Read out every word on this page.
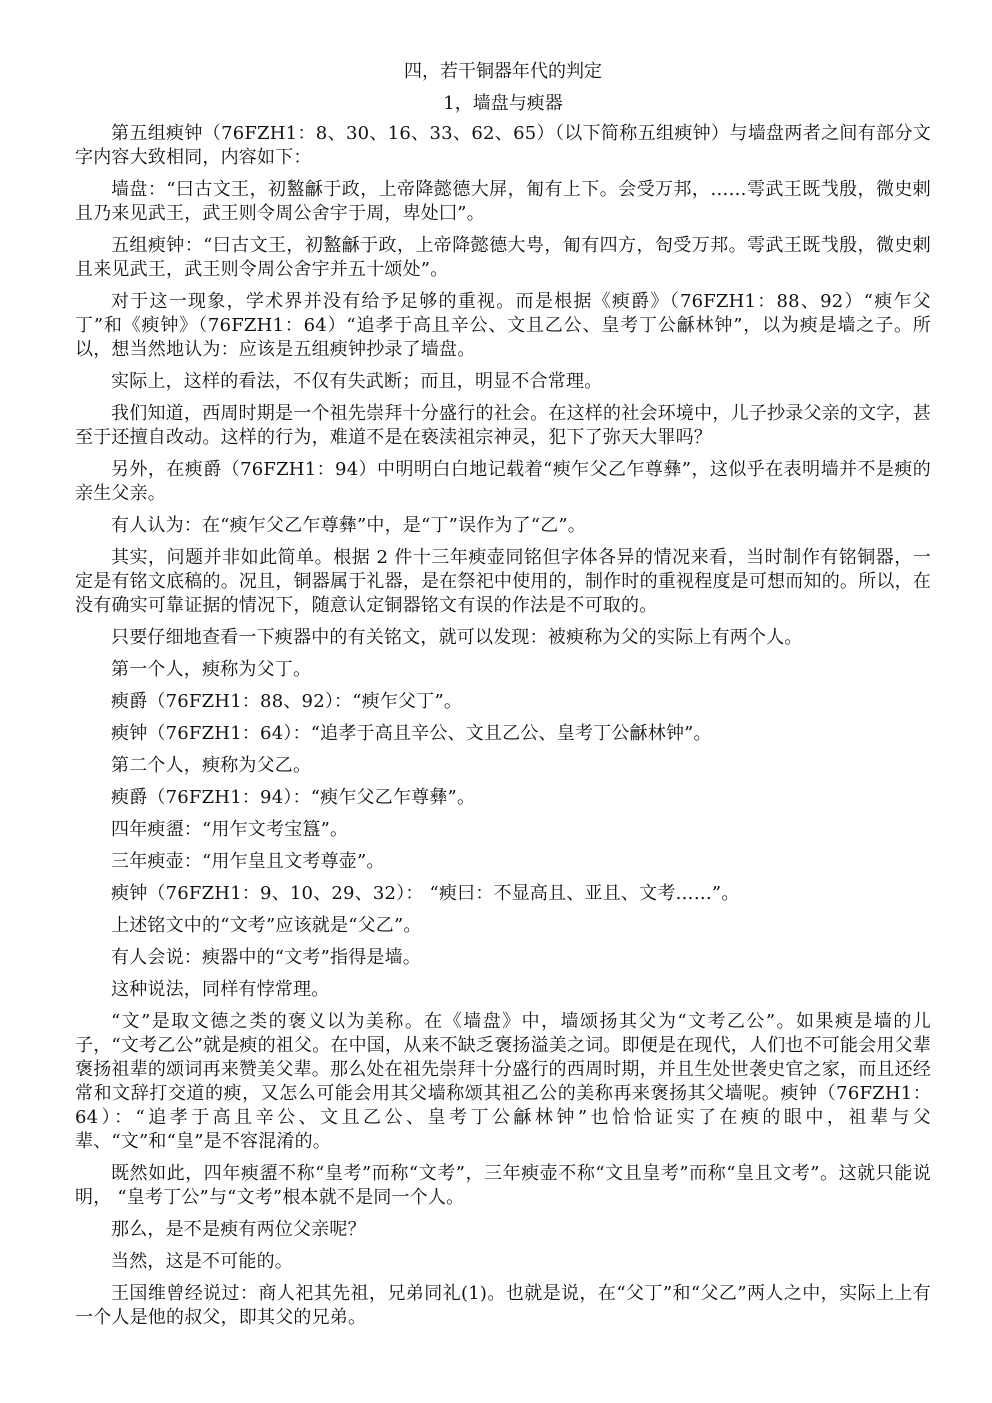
四，若干铜器年代的判定
1，墙盘与瘐器

第五组瘐钟（76FZH1：8、30、16、33、62、65）（以下简称五组瘐钟）与墙盘两者之间有部分文字内容大致相同，内容如下：

墙盘：“曰古文王，初盭龢于政，上帝降懿德大屏，匍有上下。会受万邦，……雩武王既𢦏殷，微史剌且乃来见武王，武王则令周公舍宇于周，卑处囗”。

五组瘐钟：“曰古文王，初盭龢于政，上帝降懿德大甹，匍有四方，匌受万邦。雩武王既𢦏殷，微史剌且来见武王，武王则令周公舍宇并五十颂处”。

对于这一现象，学术界并没有给予足够的重视。而是根据《瘐爵》（76FZH1：88、92）“瘐乍父丁”和《瘐钟》（76FZH1：64）“追孝于高且辛公、文且乙公、皇考丁公龢林钟”，以为瘐是墙之子。所以，想当然地认为：应该是五组瘐钟抄录了墙盘。

实际上，这样的看法，不仅有失武断；而且，明显不合常理。

我们知道，西周时期是一个祖先崇拜十分盛行的社会。在这样的社会环境中，儿子抄录父亲的文字，甚至于还擅自改动。这样的行为，难道不是在亵渎祖宗神灵，犯下了弥天大罪吗？

另外，在瘐爵（76FZH1：94）中明明白白地记载着“瘐乍父乙乍尊彝”，这似乎在表明墙并不是瘐的亲生父亲。

有人认为：在“瘐乍父乙乍尊彝”中，是“丁”误作为了“乙”。

其实，问题并非如此简单。根据 2 件十三年瘐壶同铭但字体各异的情况来看，当时制作有铭铜器，一定是有铭文底稿的。况且，铜器属于礼器，是在祭祀中使用的，制作时的重视程度是可想而知的。所以，在没有确实可靠证据的情况下，随意认定铜器铭文有误的作法是不可取的。

只要仔细地查看一下瘐器中的有关铭文，就可以发现：被瘐称为父的实际上有两个人。

第一个人，瘐称为父丁。

瘐爵（76FZH1：88、92）：“瘐乍父丁”。

瘐钟（76FZH1：64）：“追孝于高且辛公、文且乙公、皇考丁公龢林钟”。

第二个人，瘐称为父乙。

瘐爵（76FZH1：94）：“瘐乍父乙乍尊彝”。

四年瘐盨：“用乍文考宝簋”。

三年瘐壶：“用乍皇且文考尊壶”。

瘐钟（76FZH1：9、10、29、32）： “瘐曰：不显高且、亚且、文考……”。

上述铭文中的“文考”应该就是“父乙”。

有人会说：瘐器中的“文考”指得是墙。

这种说法，同样有悖常理。

“文”是取文德之类的褒义以为美称。在《墙盘》中，墙颂扬其父为“文考乙公”。如果瘐是墙的儿子，“文考乙公”就是瘐的祖父。在中国，从来不缺乏褒扬溢美之词。即便是在现代，人们也不可能会用父辈褒扬祖辈的颂词再来赞美父辈。那么处在祖先崇拜十分盛行的西周时期，并且生处世袭史官之家，而且还经常和文辞打交道的瘐，又怎么可能会用其父墙称颂其祖乙公的美称再来褒扬其父墙呢。瘐钟（76FZH1：64）：“追孝于高且辛公、文且乙公、皇考丁公龢林钟”也恰恰证实了在瘐的眼中，祖辈与父辈、“文”和“皇”是不容混淆的。

既然如此，四年瘐盨不称“皇考”而称“文考”，三年瘐壶不称“文且皇考”而称“皇且文考”。这就只能说明， “皇考丁公”与“文考”根本就不是同一个人。

那么，是不是瘐有两位父亲呢？

当然，这是不可能的。

王国维曾经说过：商人祀其先祖，兄弟同礼(1)。也就是说，在“父丁”和“父乙”两人之中，实际上上有一个人是他的叔父，即其父的兄弟。
